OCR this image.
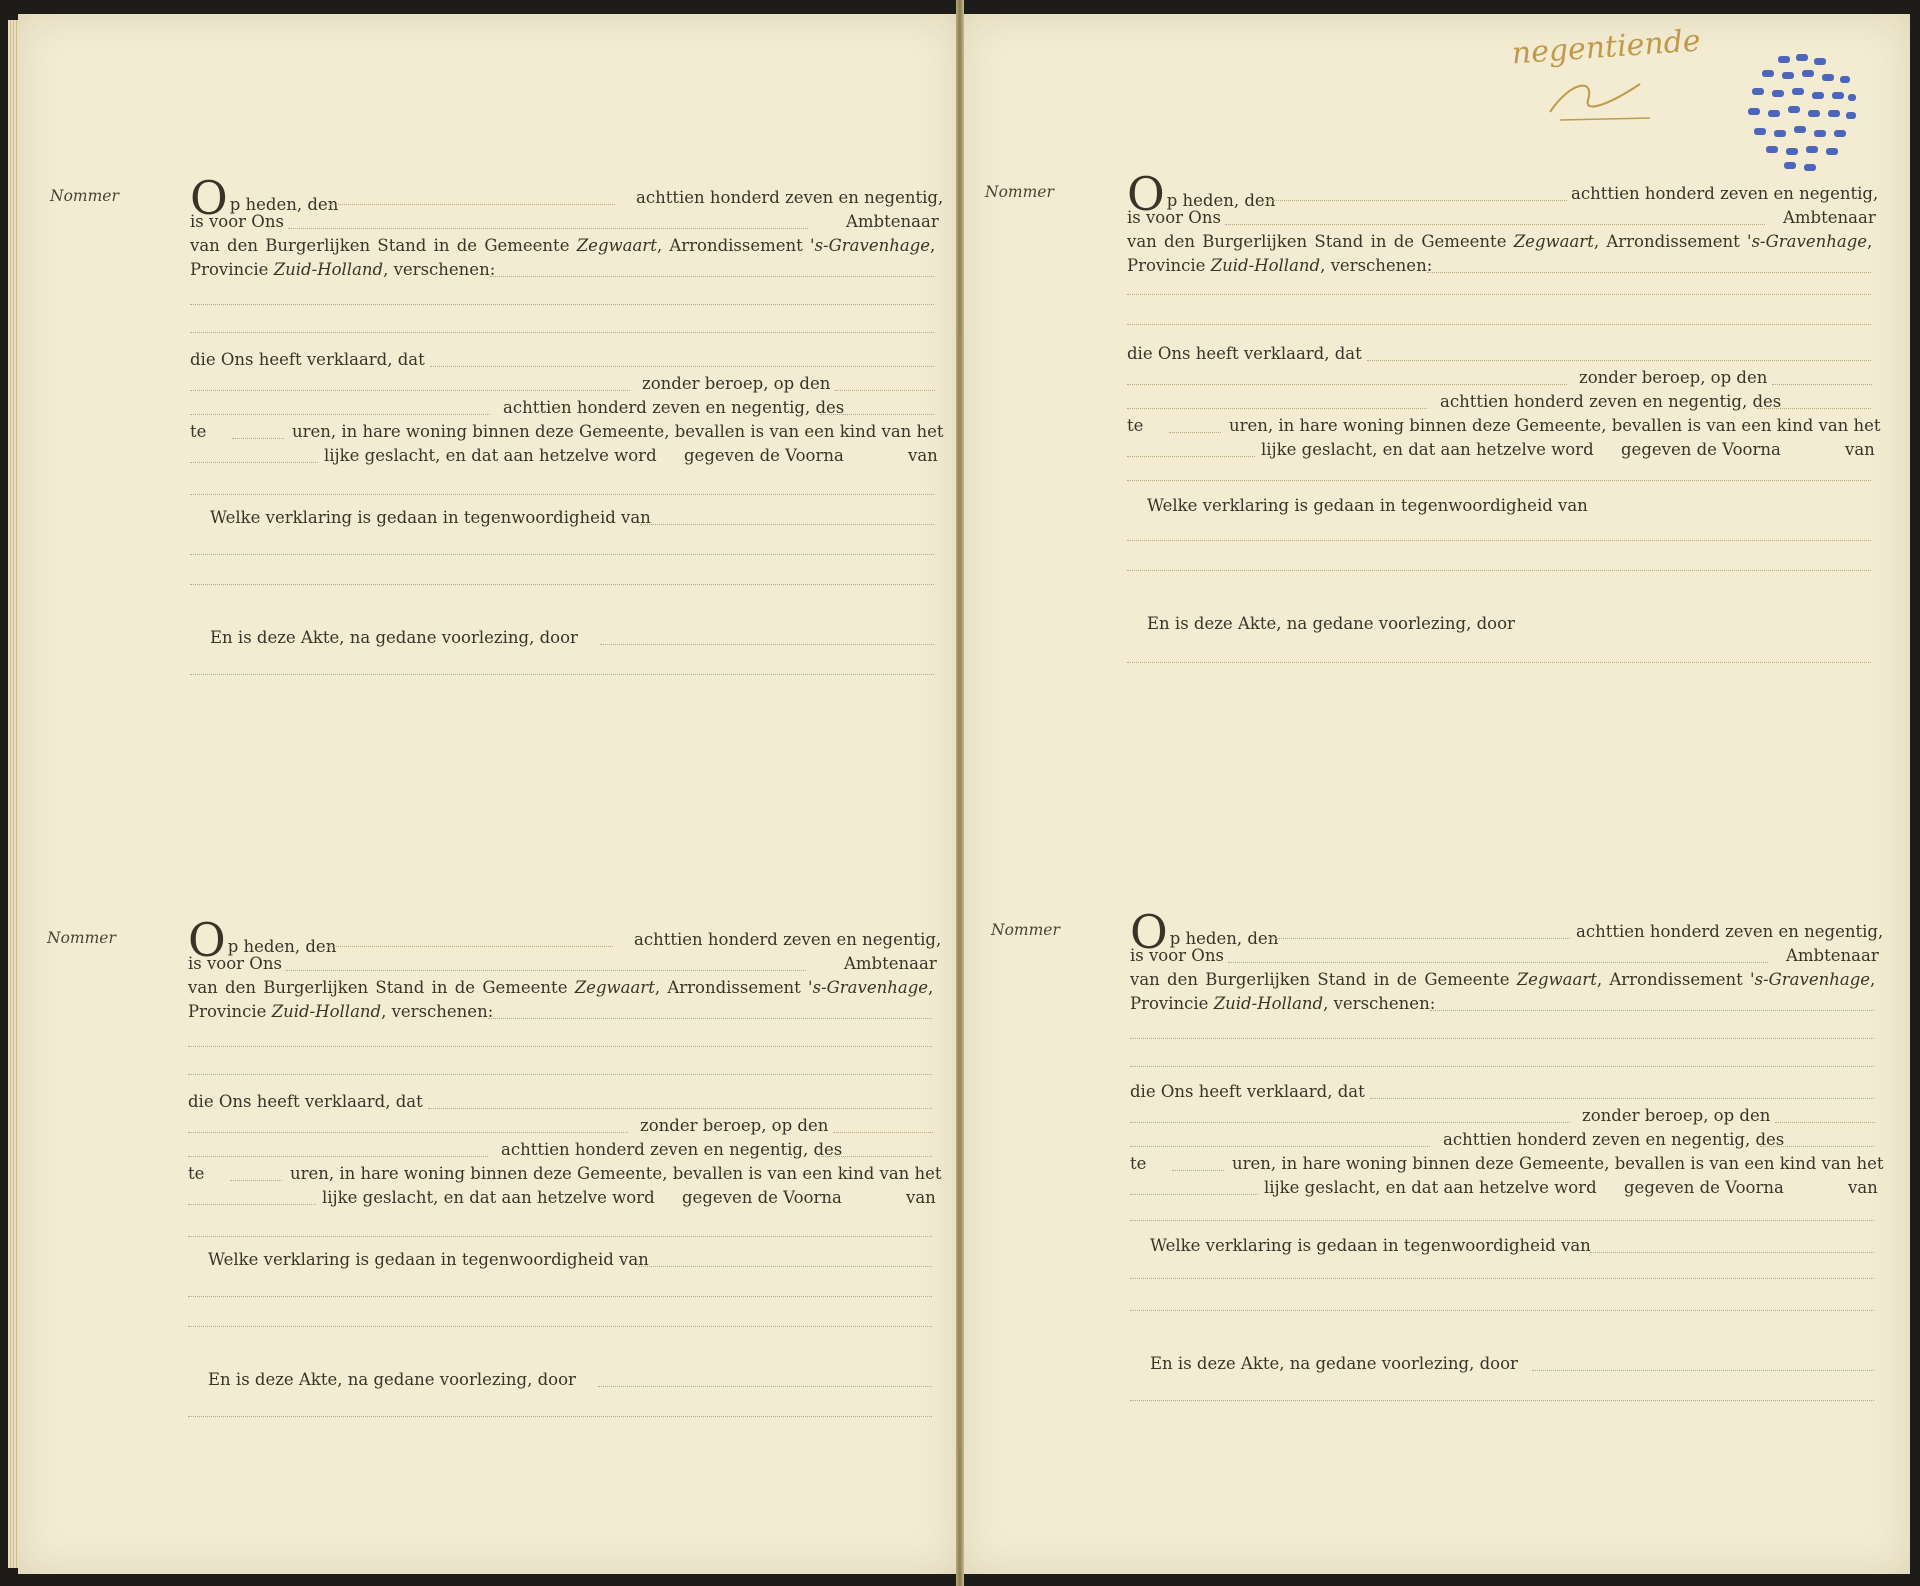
Nommer O p heden, den	achttien honderd zeven en negentig,
is voor Ons	Ambtenaar
van den Burgerlijken Stand in de Gemeente Zegwaart, Arrondissement 's-Gravenhage,
Provincie Zuid-Holland, verschenen:
die Ons heeft verklaard, dat
zonder beroep, op den
achttien honderd zeven en negentig, des
te	uren, in hare woning binnen deze Gemeente, bevallen is van een kind van het
lijke geslacht, en dat aan hetzelve word gegeven de Voorna	van
Welke verklaring is gedaan in tegenwoordigheid van
En is deze Akte, na gedane voorlezing, door
Nommer O p heden, den	achttien honderd zeven en negentig,
is voor Ons	Ambtenaar
van den Burgerlijken Stand in de Gemeente Zegwaart, Arrondissement 's-Gravenhage,
Provincie Zuid-Holland, verschenen:
die Ons heeft verklaard, dat
zonder beroep, op den
achttien honderd zeven en negentig, des
te	uren, in hare woning binnen deze Gemeente, bevallen is van een kind van het
lijke geslacht, en dat aan hetzelve word gegeven de Voorna	van
Welke verklaring is gedaan in tegenwoordigheid van
En is deze Akte, na gedane voorlezing, door
Nommer O p heden, den	achttien honderd zeven en negentig,
is voor Ons	Ambtenaar
van den Burgerlijken Stand in de Gemeente Zegwaart, Arrondissement 's-Gravenhage,
Provincie Zuid-Holland, verschenen:
die Ons heeft verklaard, dat
zonder beroep, op den
achttien honderd zeven en negentig, des
te	uren, in hare woning binnen deze Gemeente, bevallen is van een kind van het
lijke geslacht, en dat aan hetzelve word gegeven de Voorna	van
Welke verklaring is gedaan in tegenwoordigheid van
En is deze Akte, na gedane voorlezing, door
Nommer O p heden, den	achttien honderd zeven en negentig,
is voor Ons	Ambtenaar
van den Burgerlijken Stand in de Gemeente Zegwaart, Arrondissement 's-Gravenhage,
Provincie Zuid-Holland, verschenen:
die Ons heeft verklaard, dat
zonder beroep, op den
achttien honderd zeven en negentig, des
te	uren, in hare woning binnen deze Gemeente, bevallen is van een kind van het
lijke geslacht, en dat aan hetzelve word gegeven de Voorna	van
Welke verklaring is gedaan in tegenwoordigheid van
En is deze Akte, na gedane voorlezing, door
negentiende
